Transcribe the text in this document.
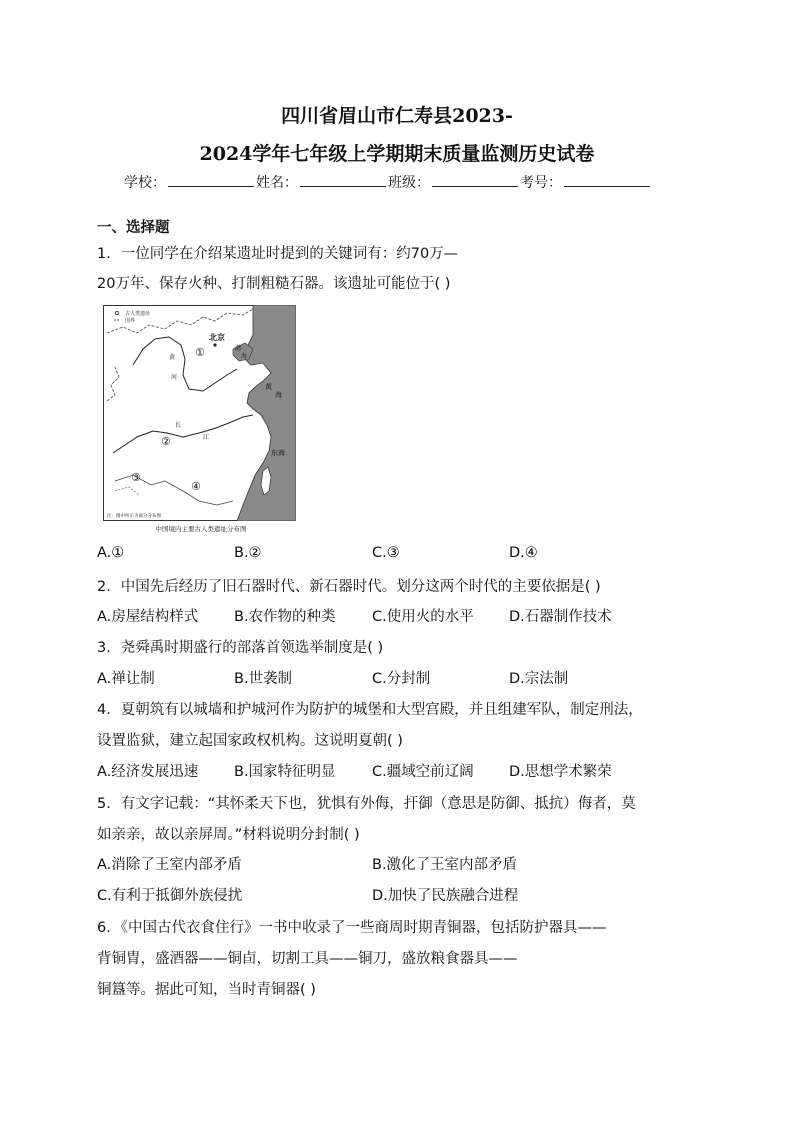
四川省眉山市仁寿县2023-
2024学年七年级上学期期末质量监测历史试卷
学校：	姓名：	班级：	考号：
一、选择题
1．一位同学在介绍某遗址时提到的关键词有：约70万—
20万年、保存火种、打制粗糙石器。该遗址可能位于( )
古人类遗址
国界
北京
渤
海
黄
海
东海
黄
河
长
江
①
②
③
④
注：图中所示为部分分布图
中国境内主要古人类遗址分布图
A.①	B.②	C.③	D.④
2．中国先后经历了旧石器时代、新石器时代。划分这两个时代的主要依据是( )
A.房屋结构样式 B.农作物的种类	C.使用火的水平 D.石器制作技术
3．尧舜禹时期盛行的部落首领选举制度是( )
A.禅让制	B.世袭制	C.分封制	D.宗法制
4．夏朝筑有以城墙和护城河作为防护的城堡和大型宫殿，并且组建军队，制定刑法，
设置监狱，建立起国家政权机构。这说明夏朝( )
A.经济发展迅速 B.国家特征明显	C.疆域空前辽阔 D.思想学术繁荣
5．有文字记载：“其怀柔天下也，犹惧有外侮，扞御（意思是防御、抵抗）侮者，莫
如亲亲，故以亲屏周。”材料说明分封制( )
A.消除了王室内部矛盾	B.激化了王室内部矛盾
C.有利于抵御外族侵扰	D.加快了民族融合进程
6．《中国古代衣食住行》一书中收录了一些商周时期青铜器，包括防护器具——
背铜胄，盛酒器——铜卣，切割工具——铜刀，盛放粮食器具——
铜簋等。据此可知，当时青铜器( )
